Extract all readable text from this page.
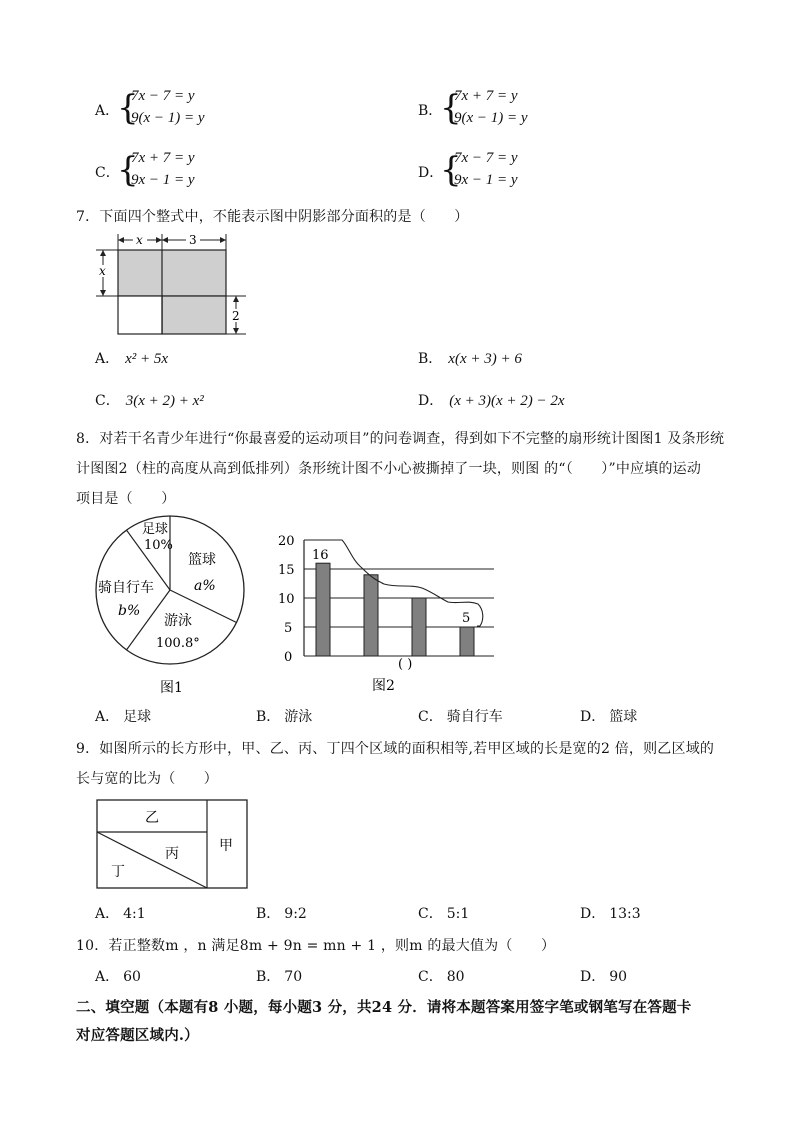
A．
{
7x − 7 = y
9(x − 1) = y	B．
{
7x + 7 = y
9(x − 1) = y
C．
{
7x + 7 = y
9x − 1 = y	D．
{
7x − 7 = y
9x − 1 = y
7．下面四个整式中，不能表示图中阴影部分面积的是（　　）
x	3
x
2
A． x² + 5x	B． x(x + 3) + 6
C． 3(x + 2) + x²	D． (x + 3)(x + 2) − 2x
8．对若干名青少年进行“你最喜爱的运动项目”的问卷调查，得到如下不完整的扇形统计图图1 及条形统
计图图2（柱的高度从高到低排列）条形统计图不小心被撕掉了一块，则图 的“（　　）”中应填的运动
项目是（　　）
足球
10%
篮球
a%
骑自行车
b%
游泳
100.8°
图1
0
5
10
15
20
16
5
( )
图2
A． 足球	B． 游泳	C． 骑自行车	D． 篮球
9．如图所示的长方形中，甲、乙、丙、丁四个区域的面积相等,若甲区域的长是宽的2 倍，则乙区域的
长与宽的比为（　　）
乙
丙
丁
甲
A． 4:1	B． 9:2	C． 5:1	D． 13:3
10．若正整数m ，n 满足8m + 9n = mn + 1 ，则m 的最大值为（　　）
A． 60	B． 70	C． 80	D． 90
二、填空题（本题有8 小题，每小题3 分，共24 分．请将本题答案用签字笔或钢笔写在答题卡
对应答题区域内.）
